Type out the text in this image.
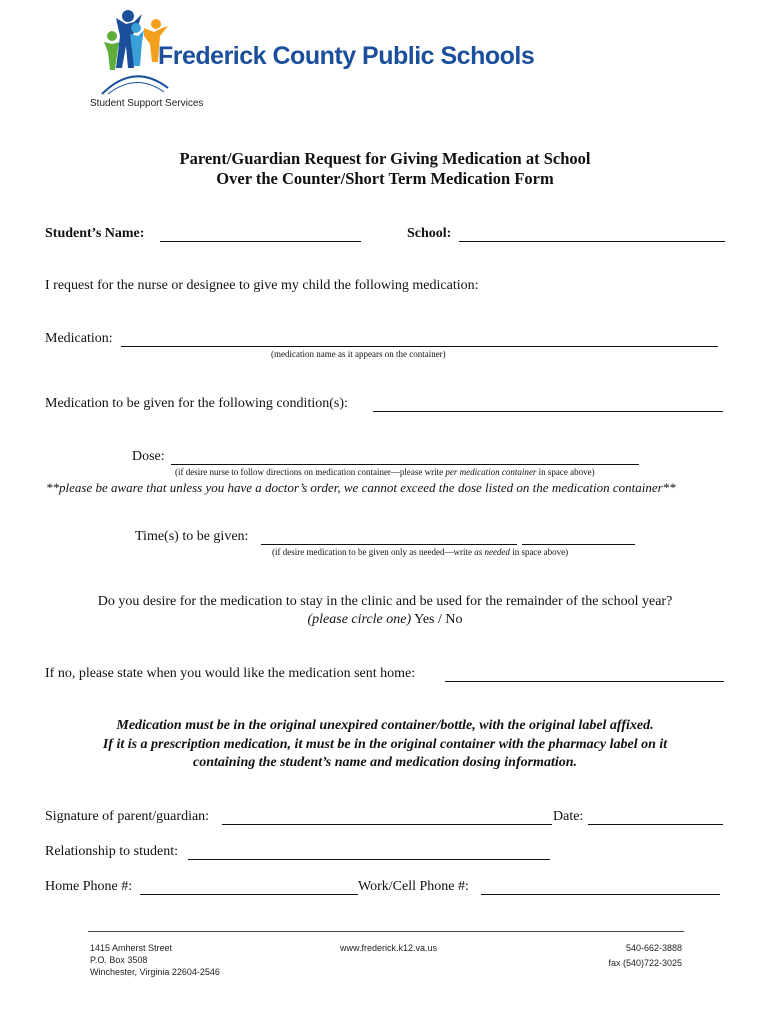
Frederick County Public Schools
Student Support Services
Parent/Guardian Request for Giving Medication at School
Over the Counter/Short Term Medication Form
Student’s Name:	School:
I request for the nurse or designee to give my child the following medication:
Medication:
(medication name as it appears on the container)
Medication to be given for the following condition(s):
Dose:
(if desire nurse to follow directions on medication container—please write per medication container in space above)
**please be aware that unless you have a doctor’s order, we cannot exceed the dose listed on the medication container**
Time(s) to be given:
(if desire medication to be given only as needed—write as needed in space above)
Do you desire for the medication to stay in the clinic and be used for the remainder of the school year?
(please circle one) Yes / No
If no, please state when you would like the medication sent home:
Medication must be in the original unexpired container/bottle, with the original label affixed.
If it is a prescription medication, it must be in the original container with the pharmacy label on it
containing the student’s name and medication dosing information.
Signature of parent/guardian:	Date:
Relationship to student:
Home Phone #:	Work/Cell Phone #:
1415 Amherst Street
P.O. Box 3508
Winchester, Virginia 22604-2546
www.frederick.k12.va.us	540-662-3888
fax (540)722-3025
